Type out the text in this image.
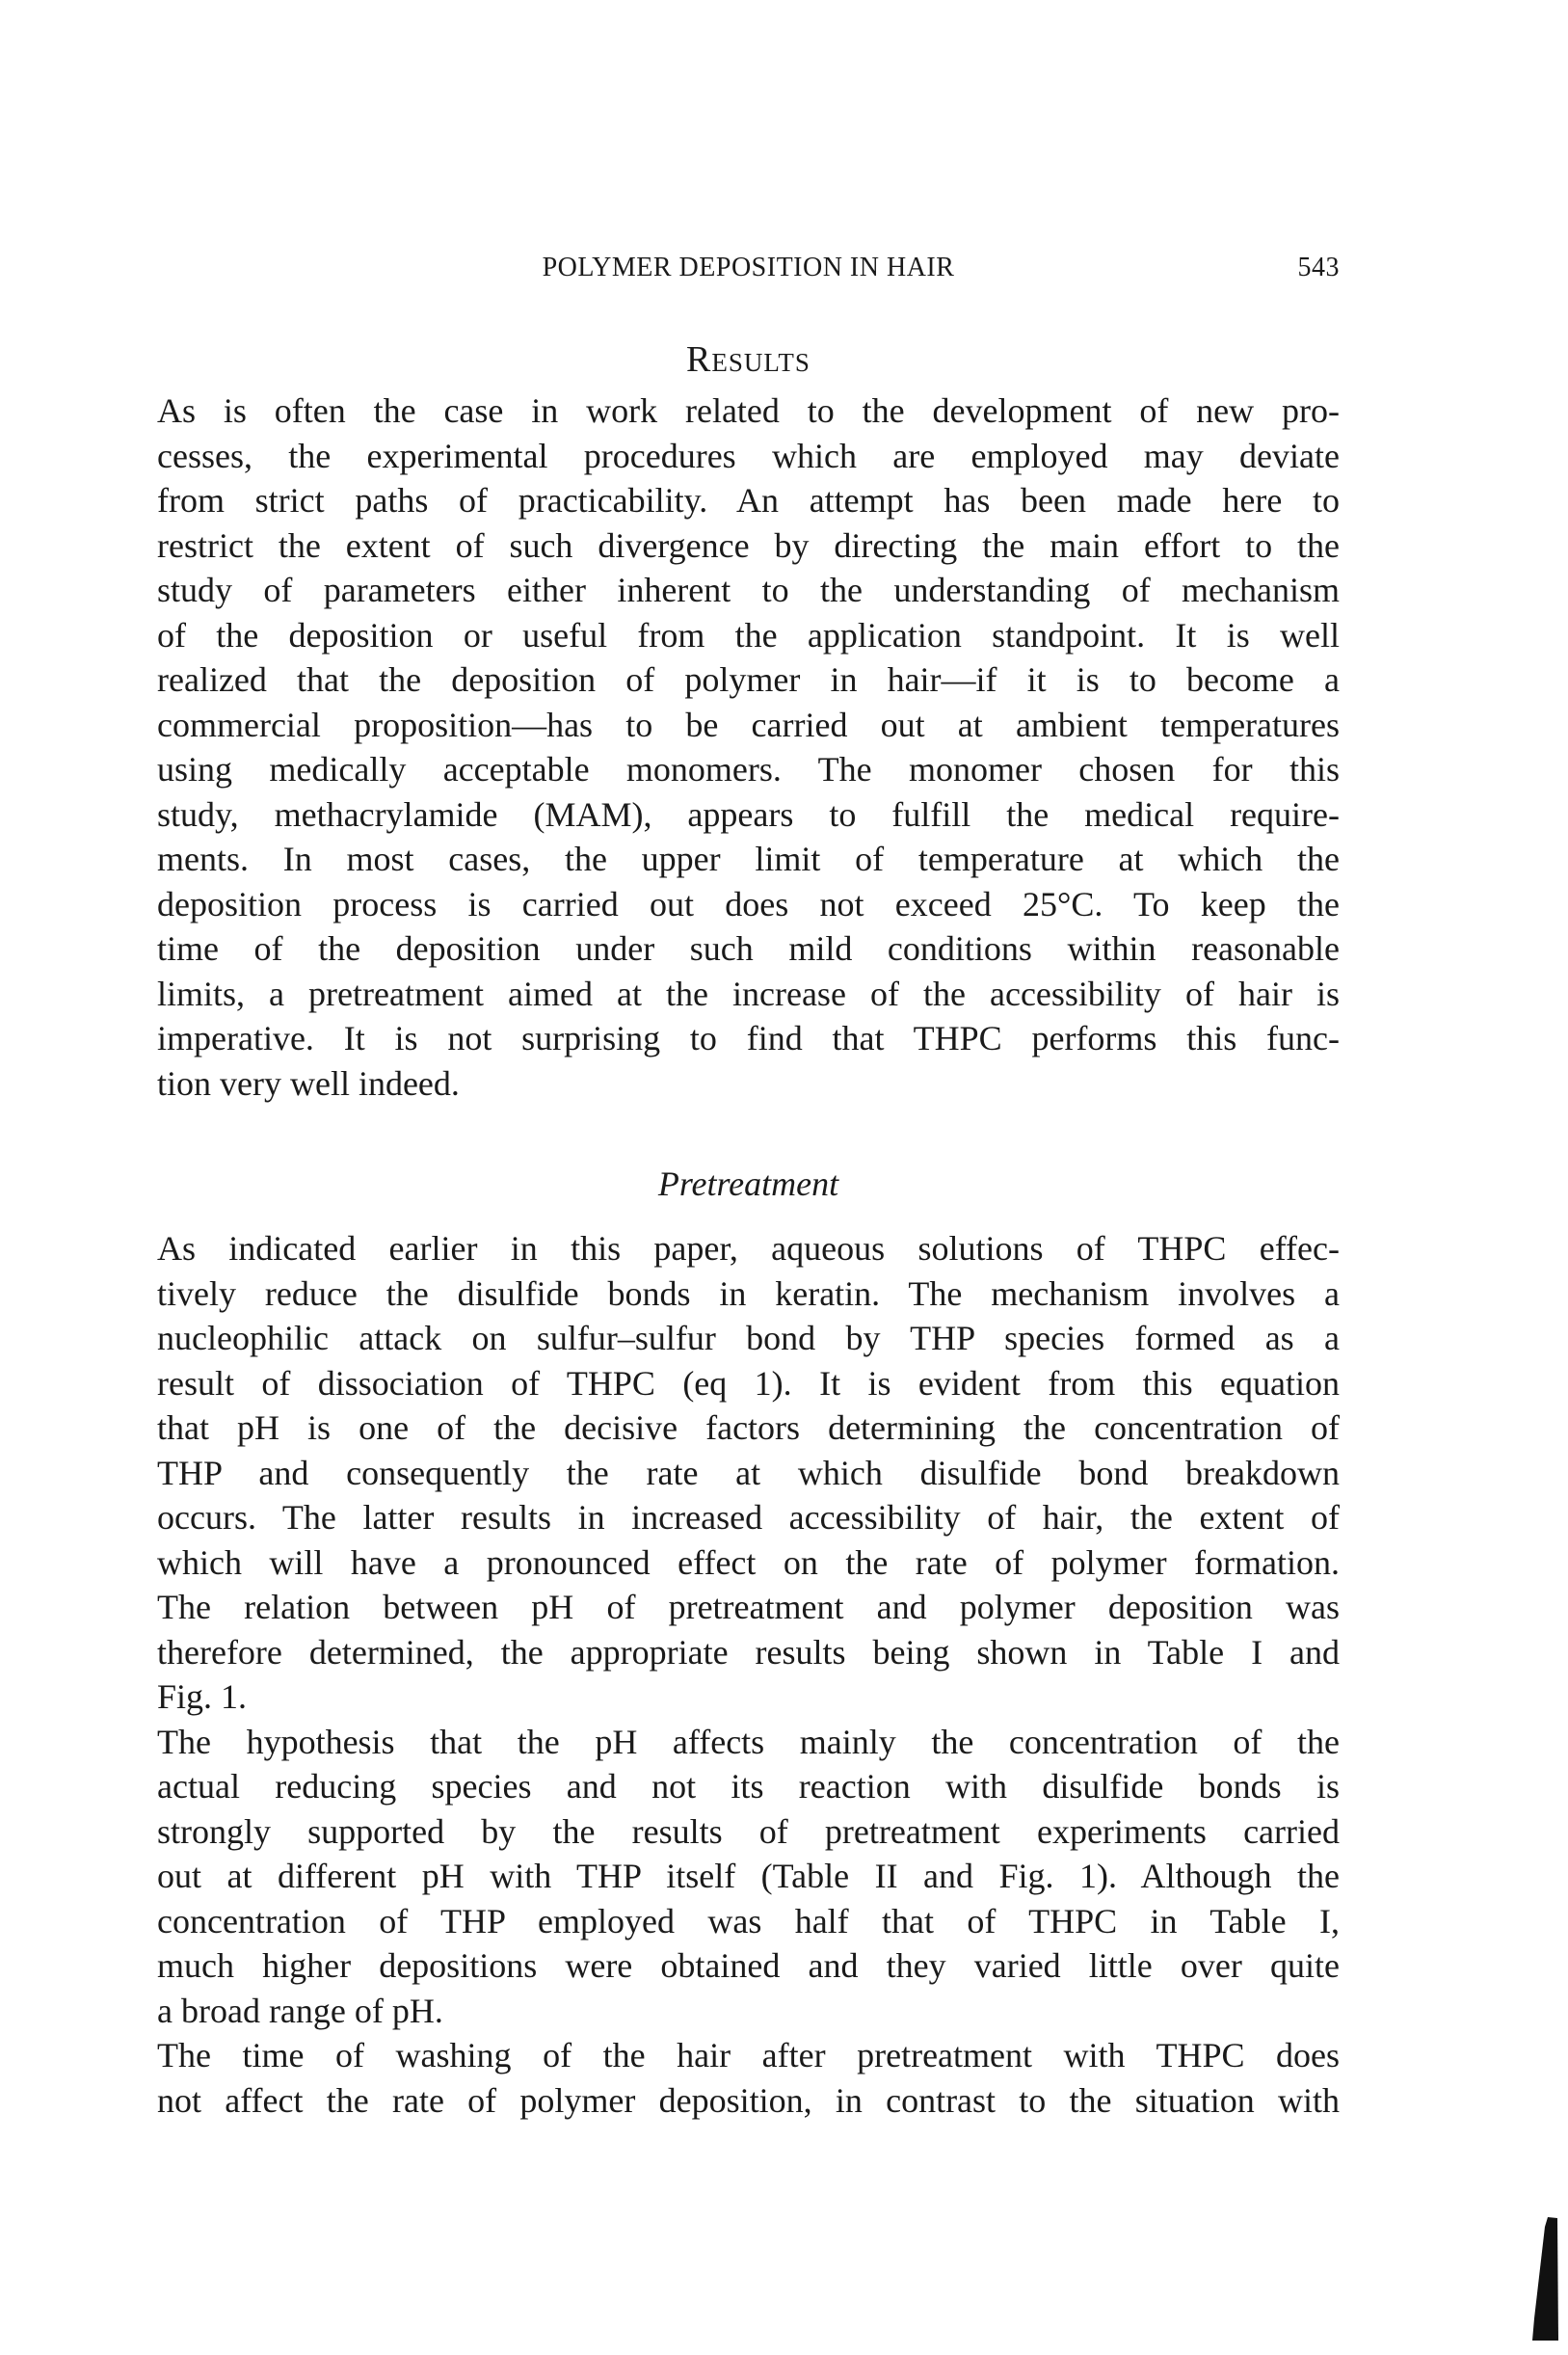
POLYMER DEPOSITION IN HAIR	543
Results
Pretreatment
As is often the case in work related to the development of new pro-
cesses, the experimental procedures which are employed may deviate
from strict paths of practicability. An attempt has been made here to
restrict the extent of such divergence by directing the main effort to the
study of parameters either inherent to the understanding of mechanism
of the deposition or useful from the application standpoint. It is well
realized that the deposition of polymer in hair—if it is to become a
commercial proposition—has to be carried out at ambient temperatures
using medically acceptable monomers. The monomer chosen for this
study, methacrylamide (MAM), appears to fulfill the medical require-
ments. In most cases, the upper limit of temperature at which the
deposition process is carried out does not exceed 25°C. To keep the
time of the deposition under such mild conditions within reasonable
limits, a pretreatment aimed at the increase of the accessibility of hair is
imperative. It is not surprising to find that THPC performs this func-
tion very well indeed.
As indicated earlier in this paper, aqueous solutions of THPC effec-
tively reduce the disulfide bonds in keratin. The mechanism involves a
nucleophilic attack on sulfur–sulfur bond by THP species formed as a
result of dissociation of THPC (eq 1). It is evident from this equation
that pH is one of the decisive factors determining the concentration of
THP and consequently the rate at which disulfide bond breakdown
occurs. The latter results in increased accessibility of hair, the extent of
which will have a pronounced effect on the rate of polymer formation.
The relation between pH of pretreatment and polymer deposition was
therefore determined, the appropriate results being shown in Table I and
Fig. 1.
The hypothesis that the pH affects mainly the concentration of the
actual reducing species and not its reaction with disulfide bonds is
strongly supported by the results of pretreatment experiments carried
out at different pH with THP itself (Table II and Fig. 1). Although the
concentration of THP employed was half that of THPC in Table I,
much higher depositions were obtained and they varied little over quite
a broad range of pH.
The time of washing of the hair after pretreatment with THPC does
not affect the rate of polymer deposition, in contrast to the situation with
